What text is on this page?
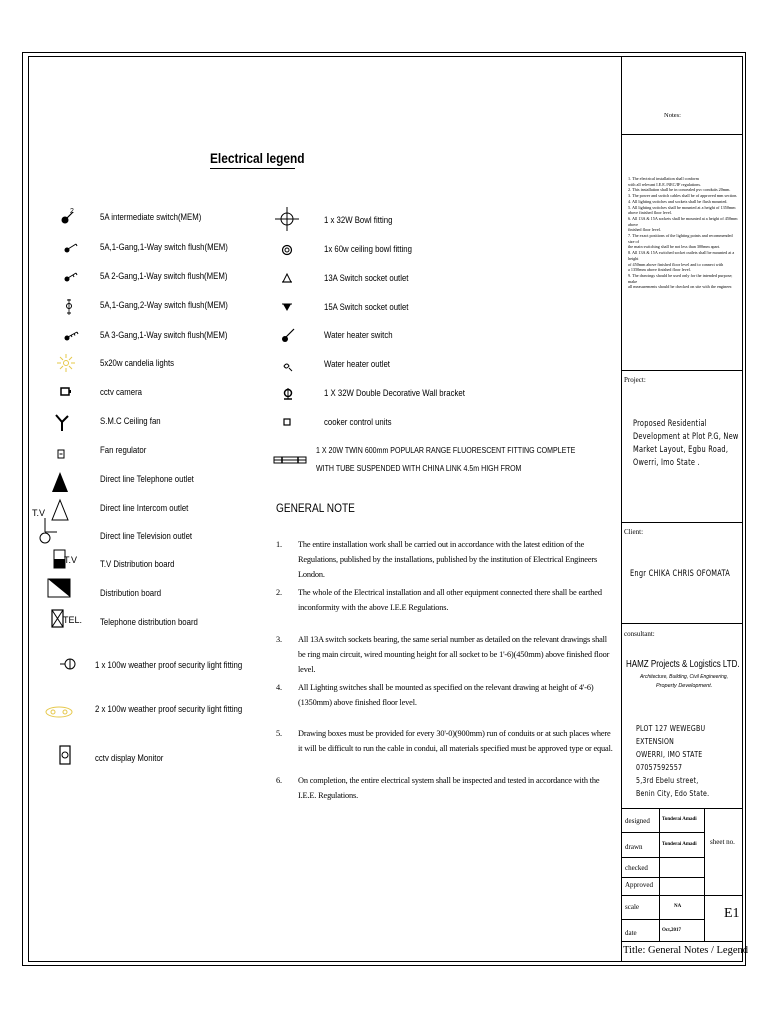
Electrical legend
2
T.V
T.V
TEL.
5A intermediate switch(MEM)
5A,1-Gang,1-Way switch flush(MEM)
5A 2-Gang,1-Way switch flush(MEM)
5A,1-Gang,2-Way switch flush(MEM)
5A 3-Gang,1-Way switch flush(MEM)
5x20w candelia lights
cctv camera
S.M.C Ceiling fan
Fan regulator
Direct line Telephone outlet
Direct line Intercom outlet
Direct line Television outlet
T.V Distribution board
Distribution board
Telephone distribution board
1 x 100w weather proof security light fitting
2 x 100w weather proof security light fitting
cctv display Monitor
1 x 32W Bowl fitting
1x 60w ceiling bowl fitting
13A Switch socket outlet
15A Switch socket outlet
Water heater switch
Water heater outlet
1 X 32W Double Decorative Wall bracket
cooker control units
1 X 20W TWIN 600mm POPULAR RANGE FLUORESCENT FITTING COMPLETE
WITH TUBE SUSPENDED WITH CHINA LINK 4.5m HIGH FROM
GENERAL NOTE
1. The entire installation work shall be carried out in accordance with the latest edition of the Regulations, published by the installations, published by the institution of Electrical Engineers London.
2. The whole of the Electrical installation and all other equipment connected there shall be earthed inconformity with the above I.E.E Regulations.
3. All 13A switch sockets bearing, the same serial number as detailed on the relevant drawings shall be ring main circuit, wired mounting height for all socket to be 1'-6)(450mm) above finished floor level.
4. All Lighting switches shall be mounted as specified on the relevant drawing at height of 4'-6)(1350mm) above finished floor level.
5. Drawing boxes must be provided for every 30'-0)(900mm) run of conduits or at such places where it will be difficult to run the cable in condui, all materials specified must be approved type or equal.
6. On completion, the entire electrical system shall be inspected and tested in accordance with the I.E.E. Regulations.
Notes:
1. The electrical installation shall conform
with all relevant I.E.E./NEC/IF regulations.
2. This installation shall be in concealed pvc conduits 20mm.
3. The power and switch cables shall be of approved mm section.
4. All lighting switches and sockets shall be flush mounted.
5. All lighting switches shall be mounted at a height of 1350mm
above finished floor level.
6. All 13A & 15A sockets shall be mounted at a height of 450mm above
finished floor level.
7. The exact positions of the lighting points and recommended size of
the main switching shall be not less than 300mm apart.
8. All 13A & 15A switched socket outlets shall be mounted at a height
of 450mm above finished floor level and to connect with
a 1350mm above finished floor level.
9. The drawings should be used only for the intended purpose; make
all measurements should be checked on site with the engineer.
Project:
Proposed Residential
Development at Plot P.G, New
Market Layout, Egbu Road,
Owerri, Imo State .
Client:
Engr CHIKA CHRIS OFOMATA
consultant:
HAMZ Projects & Logistics LTD.
Architecture, Building, Civil Engineering,
Property Development.
PLOT 127 WEWEGBU EXTENSION
OWERRI, IMO STATE
07057592557
5,3rd Ebelu street,
Benin City, Edo State.
designed Tonderai Amadi
drawn	Tonderai Amadi
checked
Approved
scale	NA
date	Oct,2017
sheet no.
E1
Title: General Notes / Legend
